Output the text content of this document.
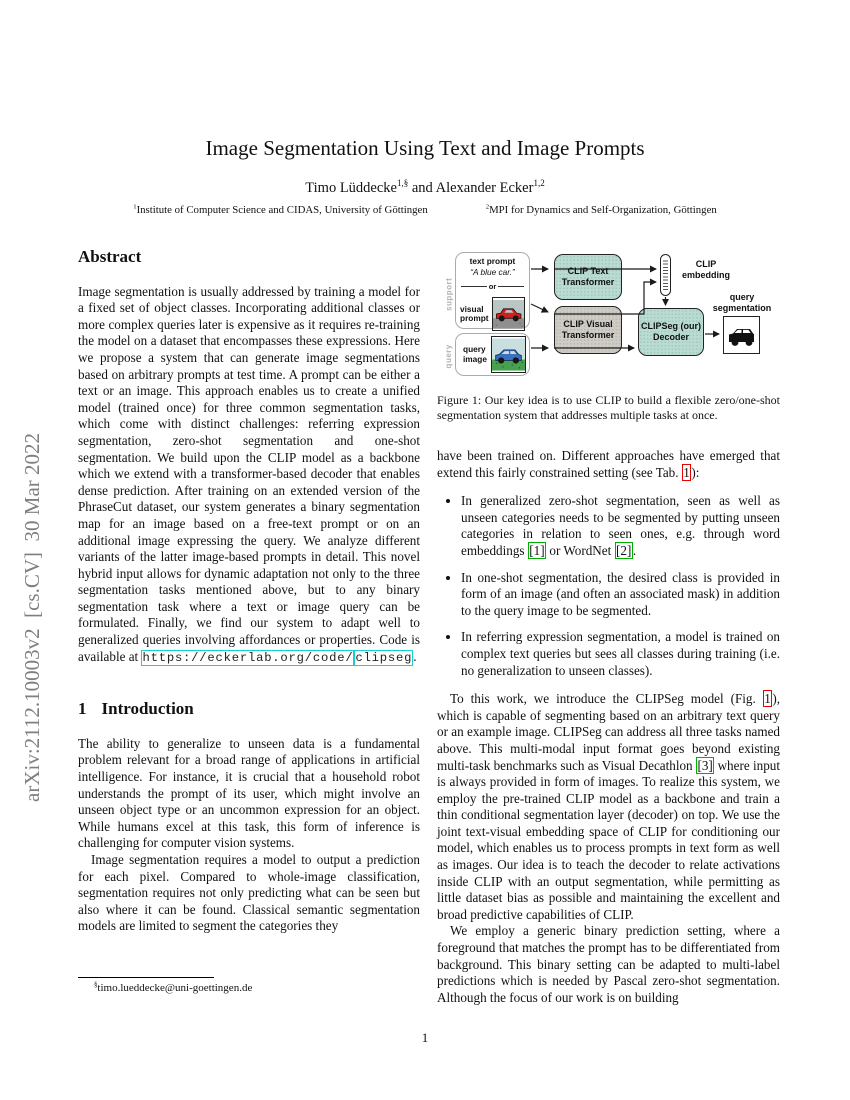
arXiv:2112.10003v2  [cs.CV]  30 Mar 2022
Image Segmentation Using Text and Image Prompts
Timo Lüddecke$^{1,\S}$ and Alexander Ecker$^{1,2}$
$^1$Institute of Computer Science and CIDAS, University of Göttingen	$^2$MPI for Dynamics and Self-Organization, Göttingen
Abstract

Image segmentation is usually addressed by training a model for a fixed set of object classes. Incorporating additional classes or more complex queries later is expensive as it requires re-training the model on a dataset that encompasses these expressions. Here we propose a system that can generate image segmentations based on arbitrary prompts at test time. A prompt can be either a text or an image. This approach enables us to create a unified model (trained once) for three common segmentation tasks, which come with distinct challenges: referring expression segmentation, zero-shot segmentation and one-shot segmentation. We build upon the CLIP model as a backbone which we extend with a transformer-based decoder that enables dense prediction. After training on an extended version of the PhraseCut dataset, our system generates a binary segmentation map for an image based on a free-text prompt or on an additional image expressing the query. We analyze different variants of the latter image-based prompts in detail. This novel hybrid input allows for dynamic adaptation not only to the three segmentation tasks mentioned above, but to any binary segmentation task where a text or image query can be formulated. Finally, we find our system to adapt well to generalized queries involving affordances or properties. Code is available at https://eckerlab.org/code/ clipseg.

1 Introduction

The ability to generalize to unseen data is a fundamental problem relevant for a broad range of applications in artificial intelligence. For instance, it is crucial that a household robot understands the prompt of its user, which might involve an unseen object type or an uncommon expression for an object. While humans excel at this task, this form of inference is challenging for computer vision systems.

Image segmentation requires a model to output a prediction for each pixel. Compared to whole-image classification, segmentation requires not only predicting what can be seen but also where it can be found. Classical semantic segmentation models are limited to segment the categories they

support
query
text prompt
“A blue car.”
or
visual
prompt
query
image
CLIP Text
Transformer
CLIP Visual
Transformer
CLIP
embedding
CLIPSeg (our)
Decoder
query
segmentation

Figure 1: Our key idea is to use CLIP to build a flexible zero/one-shot segmentation system that addresses multiple tasks at once.

have been trained on. Different approaches have emerged that extend this fairly constrained setting (see Tab. 1 ):

• In generalized zero-shot segmentation, seen as well as unseen categories needs to be segmented by putting unseen categories in relation to seen ones, e.g. through word embeddings [1] or WordNet [2] .
• In one-shot segmentation, the desired class is provided in form of an image (and often an associated mask) in addition to the query image to be segmented.
• In referring expression segmentation, a model is trained on complex text queries but sees all classes during training (i.e. no generalization to unseen classes).

To this work, we introduce the CLIPSeg model (Fig. 1 ), which is capable of segmenting based on an arbitrary text query or an example image. CLIPSeg can address all three tasks named above. This multi-modal input format goes beyond existing multi-task benchmarks such as Visual Decathlon [3] where input is always provided in form of images. To realize this system, we employ the pre-trained CLIP model as a backbone and train a thin conditional segmentation layer (decoder) on top. We use the joint text-visual embedding space of CLIP for conditioning our model, which enables us to process prompts in text form as well as images. Our idea is to teach the decoder to relate activations inside CLIP with an output segmentation, while permitting as little dataset bias as possible and maintaining the excellent and broad predictive capabilities of CLIP.

We employ a generic binary prediction setting, where a foreground that matches the prompt has to be differentiated from background. This binary setting can be adapted to multi-label predictions which is needed by Pascal zero-shot segmentation. Although the focus of our work is on building

§timo.lueddecke@uni-goettingen.de

1
